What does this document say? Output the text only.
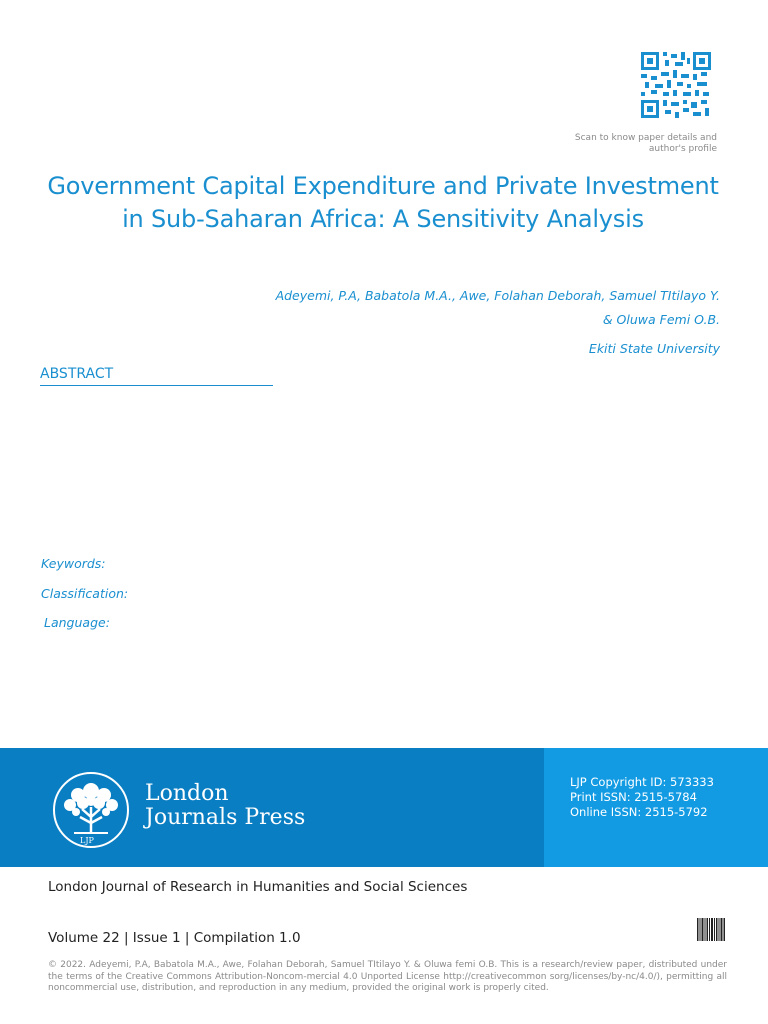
Scan to know paper details and author's profile
Government Capital Expenditure and Private Investment in Sub-Saharan Africa: A Sensitivity Analysis
Adeyemi, P.A, Babatola M.A., Awe, Folahan Deborah, Samuel TItilayo Y.
& Oluwa Femi O.B.
Ekiti State University
ABSTRACT
Keywords:
Classification:
Language:
LJP
London
Journals Press
LJP Copyright ID: 573333
Print ISSN: 2515-5784
Online ISSN: 2515-5792
London Journal of Research in Humanities and Social Sciences
Volume 22 | Issue 1 | Compilation 1.0
© 2022. Adeyemi, P.A, Babatola M.A., Awe, Folahan Deborah, Samuel TItilayo Y. & Oluwa femi O.B. This is a research/review paper, distributed under the terms of the Creative Commons Attribution-Noncom-mercial 4.0 Unported License http://creativecommon sorg/licenses/by-nc/4.0/), permitting all noncommercial use, distribution, and reproduction in any medium, provided the original work is properly cited.
